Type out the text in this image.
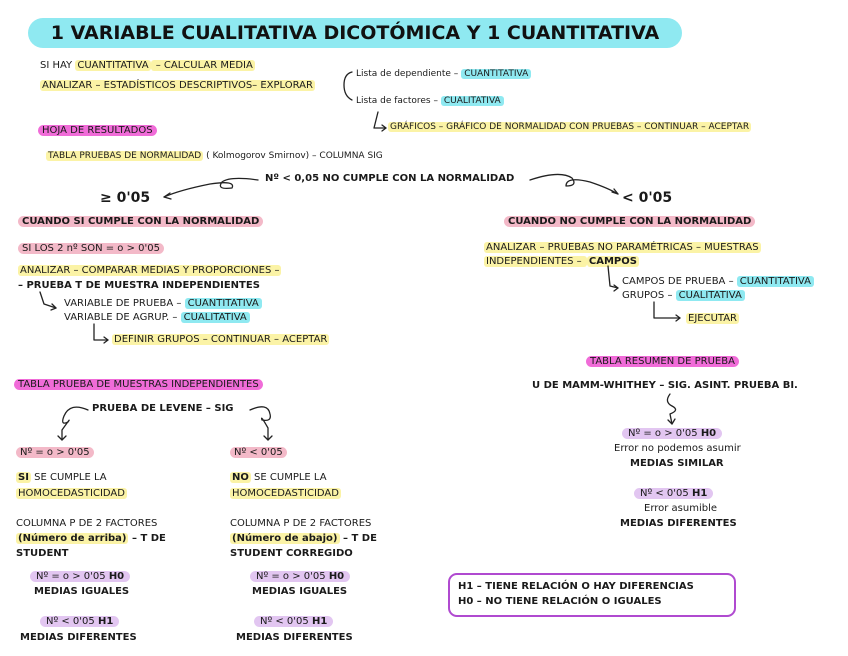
1 VARIABLE CUALITATIVA DICOTÓMICA Y 1 CUANTITATIVA
SI HAY CUANTITATIVA – CALCULAR MEDIA
ANALIZAR – ESTADÍSTICOS DESCRIPTIVOS– EXPLORAR
Lista de dependiente – CUANTITATIVA
Lista de factores – CUALITATIVA
GRÁFICOS – GRÁFICO DE NORMALIDAD CON PRUEBAS – CONTINUAR – ACEPTAR
HOJA DE RESULTADOS
TABLA PRUEBAS DE NORMALIDAD ( Kolmogorov Smirnov) – COLUMNA SIG
Nº < 0,05 NO CUMPLE CON LA NORMALIDAD
≥ 0'05	< 0'05
CUANDO SI CUMPLE CON LA NORMALIDAD
SI LOS 2 nº SON = o > 0'05
ANALIZAR – COMPARAR MEDIAS Y PROPORCIONES –
– PRUEBA T DE MUESTRA INDEPENDIENTES
VARIABLE DE PRUEBA – CUANTITATIVA
VARIABLE DE AGRUP. – CUALITATIVA
DEFINIR GRUPOS – CONTINUAR – ACEPTAR
CUANDO NO CUMPLE CON LA NORMALIDAD
ANALIZAR – PRUEBAS NO PARAMÉTRICAS – MUESTRAS
INDEPENDIENTES – CAMPOS
CAMPOS DE PRUEBA – CUANTITATIVA
GRUPOS – CUALITATIVA
EJECUTAR
TABLA RESUMEN DE PRUEBA
U DE MAMM-WHITHEY – SIG. ASINT. PRUEBA BI.
Nº = o > 0'05 H0
Error no podemos asumir
MEDIAS SIMILAR
Nº < 0'05 H1
Error asumible
MEDIAS DIFERENTES
TABLA PRUEBA DE MUESTRAS INDEPENDIENTES
PRUEBA DE LEVENE – SIG
Nº = o > 0'05
SI SE CUMPLE LA
HOMOCEDASTICIDAD
COLUMNA P DE 2 FACTORES
(Número de arriba) – T DE
STUDENT
Nº = o > 0'05 H0
MEDIAS IGUALES
Nº < 0'05 H1
MEDIAS DIFERENTES
Nº < 0'05
NO SE CUMPLE LA
HOMOCEDASTICIDAD
COLUMNA P DE 2 FACTORES
(Número de abajo) – T DE
STUDENT CORREGIDO
Nº = o > 0'05 H0
MEDIAS IGUALES
Nº < 0'05 H1
MEDIAS DIFERENTES
H1 – TIENE RELACIÓN O HAY DIFERENCIAS
H0 – NO TIENE RELACIÓN O IGUALES
